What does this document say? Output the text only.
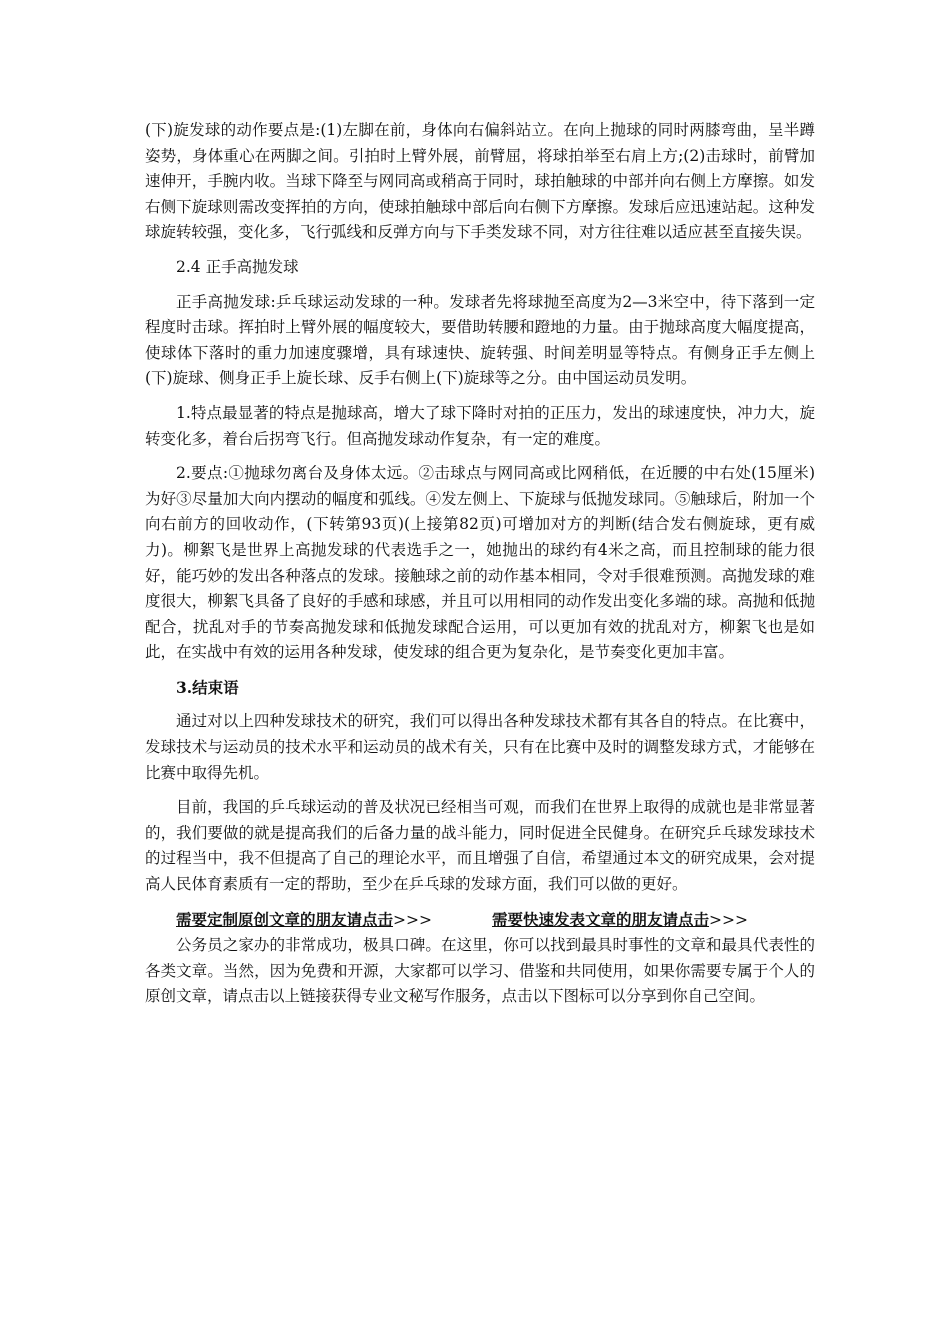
(下)旋发球的动作要点是:(1)左脚在前，身体向右偏斜站立。在向上抛球的同时两膝弯曲，呈半蹲姿势，身体重心在两脚之间。引拍时上臂外展，前臂屈，将球拍举至右肩上方;(2)击球时，前臂加速伸开，手腕内收。当球下降至与网同高或稍高于同时，球拍触球的中部并向右侧上方摩擦。如发右侧下旋球则需改变挥拍的方向，使球拍触球中部后向右侧下方摩擦。发球后应迅速站起。这种发球旋转较强，变化多，飞行弧线和反弹方向与下手类发球不同，对方往往难以适应甚至直接失误。

2.4 正手高抛发球

正手高抛发球:乒乓球运动发球的一种。发球者先将球抛至高度为2—3米空中，待下落到一定程度时击球。挥拍时上臂外展的幅度较大，要借助转腰和蹬地的力量。由于抛球高度大幅度提高，使球体下落时的重力加速度骤增，具有球速快、旋转强、时间差明显等特点。有侧身正手左侧上(下)旋球、侧身正手上旋长球、反手右侧上(下)旋球等之分。由中国运动员发明。

1.特点最显著的特点是抛球高，增大了球下降时对拍的正压力，发出的球速度快，冲力大，旋转变化多，着台后拐弯飞行。但高抛发球动作复杂，有一定的难度。

2.要点:①抛球勿离台及身体太远。②击球点与网同高或比网稍低，在近腰的中右处(15厘米)为好③尽量加大向内摆动的幅度和弧线。④发左侧上、下旋球与低抛发球同。⑤触球后，附加一个向右前方的回收动作，(下转第93页)(上接第82页)可增加对方的判断(结合发右侧旋球，更有威力)。柳絮飞是世界上高抛发球的代表选手之一，她抛出的球约有4米之高，而且控制球的能力很好，能巧妙的发出各种落点的发球。接触球之前的动作基本相同，令对手很难预测。高抛发球的难度很大，柳絮飞具备了良好的手感和球感，并且可以用相同的动作发出变化多端的球。高抛和低抛配合，扰乱对手的节奏高抛发球和低抛发球配合运用，可以更加有效的扰乱对方，柳絮飞也是如此，在实战中有效的运用各种发球，使发球的组合更为复杂化，是节奏变化更加丰富。

3.结束语

通过对以上四种发球技术的研究，我们可以得出各种发球技术都有其各自的特点。在比赛中，发球技术与运动员的技术水平和运动员的战术有关，只有在比赛中及时的调整发球方式，才能够在比赛中取得先机。

目前，我国的乒乓球运动的普及状况已经相当可观，而我们在世界上取得的成就也是非常显著的，我们要做的就是提高我们的后备力量的战斗能力，同时促进全民健身。在研究乒乓球发球技术的过程当中，我不但提高了自己的理论水平，而且增强了自信，希望通过本文的研究成果，会对提高人民体育素质有一定的帮助，至少在乒乓球的发球方面，我们可以做的更好。

需要定制原创文章的朋友请点击>>>	需要快速发表文章的朋友请点击>>>

公务员之家办的非常成功，极具口碑。在这里，你可以找到最具时事性的文章和最具代表性的各类文章。当然，因为免费和开源，大家都可以学习、借鉴和共同使用，如果你需要专属于个人的原创文章，请点击以上链接获得专业文秘写作服务，点击以下图标可以分享到你自己空间。
